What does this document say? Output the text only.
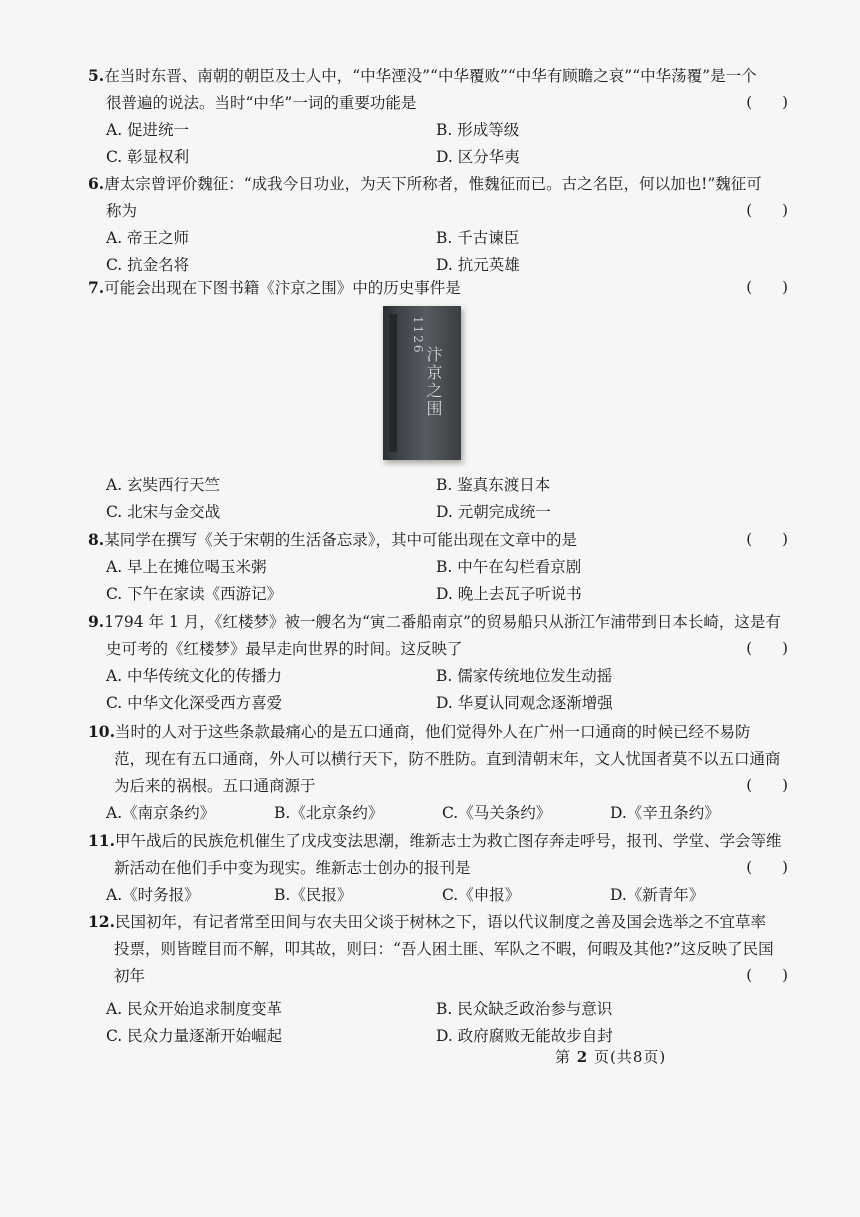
5.在当时东晋、南朝的朝臣及士人中，“中华湮没”“中华覆败”“中华有顾瞻之哀”“中华荡覆”是一个

很普遍的说法。当时“中华”一词的重要功能是	(　　)
A. 促进统一	B. 形成等级
C. 彰显权利	D. 区分华夷

6.唐太宗曾评价魏征：“成我今日功业，为天下所称者，惟魏征而已。古之名臣，何以加也!”魏征可

称为	(　　)
A. 帝王之师	B. 千古谏臣
C. 抗金名将	D. 抗元英雄

7.可能会出现在下图书籍《汴京之围》中的历史事件是	(　　)
1126
汴京之围
A. 玄奘西行天竺	B. 鉴真东渡日本
C. 北宋与金交战	D. 元朝完成统一

8.某同学在撰写《关于宋朝的生活备忘录》，其中可能出现在文章中的是	(　　)
A. 早上在摊位喝玉米粥	B. 中午在勾栏看京剧
C. 下午在家读《西游记》	D. 晚上去瓦子听说书

9.1794 年 1 月，《红楼梦》被一艘名为“寅二番船南京”的贸易船只从浙江乍浦带到日本长崎，这是有

史可考的《红楼梦》最早走向世界的时间。这反映了	(　　)
A. 中华传统文化的传播力	B. 儒家传统地位发生动摇
C. 中华文化深受西方喜爱	D. 华夏认同观念逐渐增强

10.当时的人对于这些条款最痛心的是五口通商，他们觉得外人在广州一口通商的时候已经不易防

范，现在有五口通商，外人可以横行天下，防不胜防。直到清朝末年，文人忧国者莫不以五口通商

为后来的祸根。五口通商源于	(　　)
A.《南京条约》	B.《北京条约》	C.《马关条约》	D.《辛丑条约》

11.甲午战后的民族危机催生了戊戌变法思潮，维新志士为救亡图存奔走呼号，报刊、学堂、学会等维

新活动在他们手中变为现实。维新志士创办的报刊是	(　　)
A.《时务报》	B.《民报》	C.《申报》	D.《新青年》

12.民国初年，有记者常至田间与农夫田父谈于树林之下，语以代议制度之善及国会选举之不宜草率

投票，则皆瞠目而不解，叩其故，则曰：“吾人困土匪、军队之不暇，何暇及其他?”这反映了民国

初年	(　　)
A. 民众开始追求制度变革	B. 民众缺乏政治参与意识
C. 民众力量逐渐开始崛起	D. 政府腐败无能故步自封
第 2 页(共8页)
